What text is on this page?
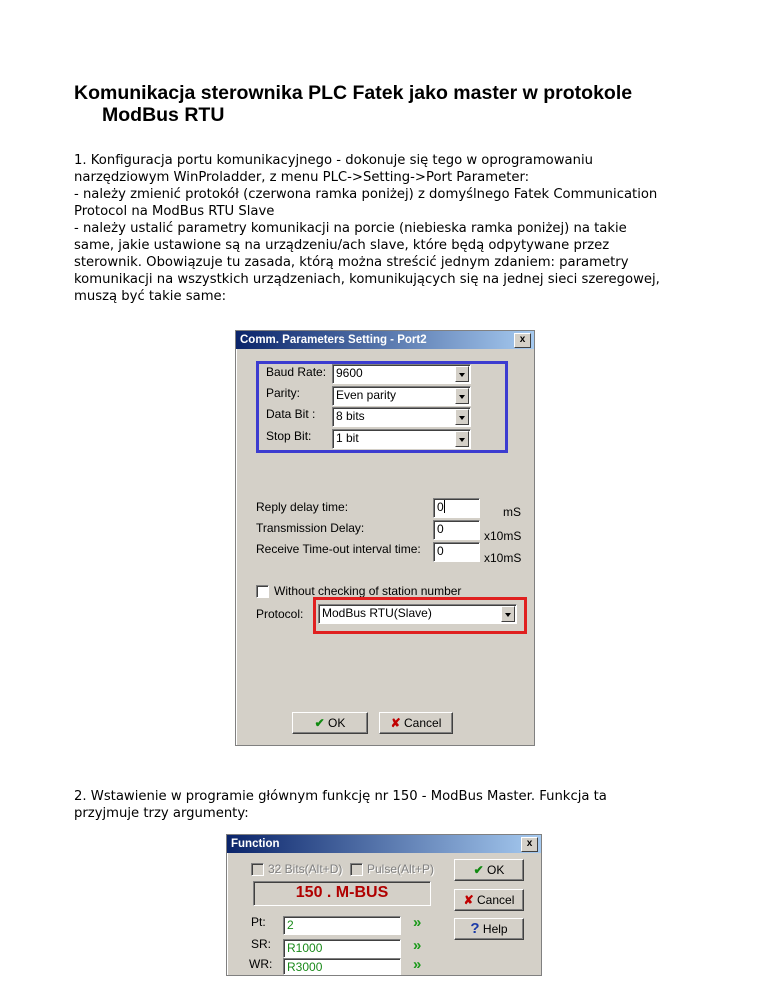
Komunikacja sterownika PLC Fatek jako master w protokole
ModBus RTU
1. Konfiguracja portu komunikacyjnego - dokonuje się tego w oprogramowaniu
narzędziowym WinProladder, z menu PLC->Setting->Port Parameter:
- należy zmienić protokół (czerwona ramka poniżej) z domyślnego Fatek Communication
Protocol na ModBus RTU Slave
- należy ustalić parametry komunikacji na porcie (niebieska ramka poniżej) na takie
same, jakie ustawione są na urządzeniu/ach slave, które będą odpytywane przez
sterownik. Obowiązuje tu zasada, którą można streścić jednym zdaniem: parametry
komunikacji na wszystkich urządzeniach, komunikujących się na jednej sieci szeregowej,
muszą być takie same:
Comm. Parameters Setting - Port2	x
Baud Rate: 9600
Parity:	Even parity
Data Bit :	8 bits
Stop Bit:	1 bit
Reply delay time:	0	mS
Transmission Delay:	0	x10mS
Receive Time-out interval time:	0	x10mS
Without checking of station number
Protocol:	ModBus RTU(Slave)
✔ OK	✘ Cancel
2. Wstawienie w programie głównym funkcję nr 150 - ModBus Master. Funkcja ta
przyjmuje trzy argumenty:
Function	x
32 Bits(Alt+D) Pulse(Alt+P)
150 . M-BUS
Pt:	2	»
SR:	R1000	»
WR:	R3000	»
✔ OK
✘ Cancel
? Help
